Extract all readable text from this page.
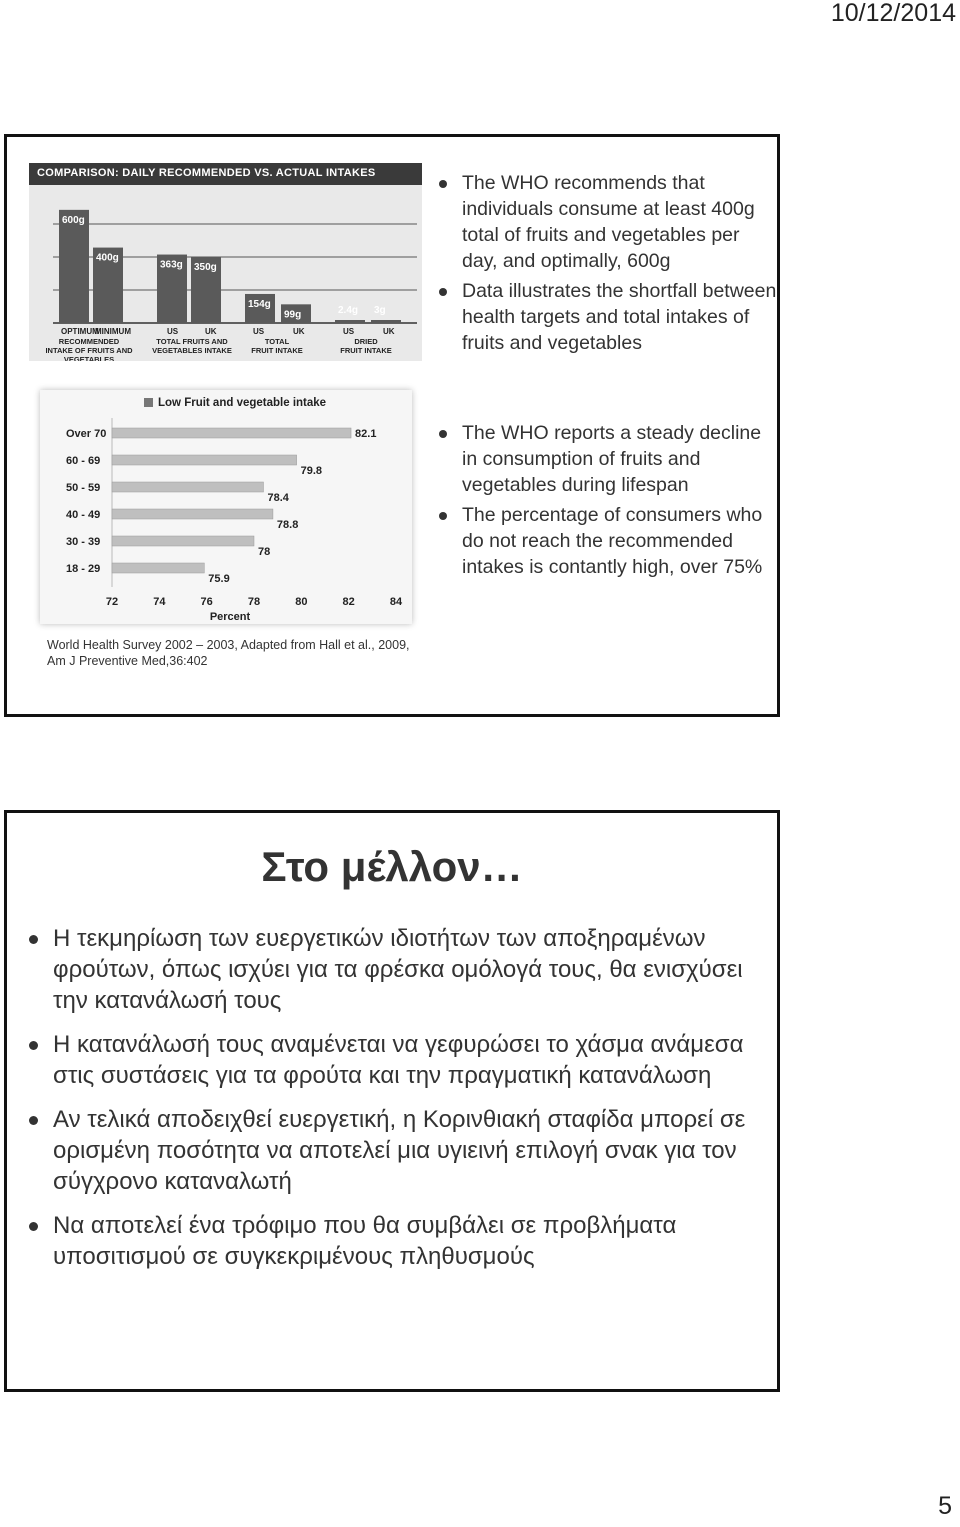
10/12/2014
COMPARISON: DAILY RECOMMENDED VS. ACTUAL INTAKES
600g
400g
363g 350g
154g
99g	2.4g 3g
OPTIMUM
MINIMUM	US	UK	US	UK	US	UK
RECOMMENDED
INTAKE OF FRUITS AND
VEGETABLES
TOTAL FRUITS AND
VEGETABLES INTAKE
TOTAL
FRUIT INTAKE
DRIED
FRUIT INTAKE
The WHO recommends that individuals consume at least 400g total of fruits and vegetables per day, and optimally, 600g
Data illustrates the shortfall between health targets and total intakes of fruits and vegetables
Low Fruit and vegetable intake
Over 70	82.1
60 - 69
79.8
50 - 59
78.4
40 - 49
78.8
30 - 39
78
18 - 29
75.9
72	74	76	78	80	82	84
Percent
The WHO reports a steady decline in consumption of fruits and vegetables during lifespan
The percentage of consumers who do not reach the recommended intakes is contantly high, over 75%
World Health Survey 2002 – 2003, Adapted from Hall et al., 2009,
Am J Preventive Med,36:402
Στο μέλλον…
Η τεκμηρίωση των ευεργετικών ιδιοτήτων των αποξηραμένων φρούτων, όπως ισχύει για τα φρέσκα ομόλογά τους, θα ενισχύσει την κατανάλωσή τους
Η κατανάλωσή τους αναμένεται να γεφυρώσει το χάσμα ανάμεσα στις συστάσεις για τα φρούτα και την πραγματική κατανάλωση
Αν τελικά αποδειχθεί ευεργετική, η Κορινθιακή σταφίδα μπορεί σε ορισμένη ποσότητα να αποτελεί μια υγιεινή επιλογή σνακ για τον σύγχρονο καταναλωτή
Να αποτελεί ένα τρόφιμο που θα συμβάλει σε προβλήματα υποσιτισμού σε συγκεκριμένους πληθυσμούς
5
